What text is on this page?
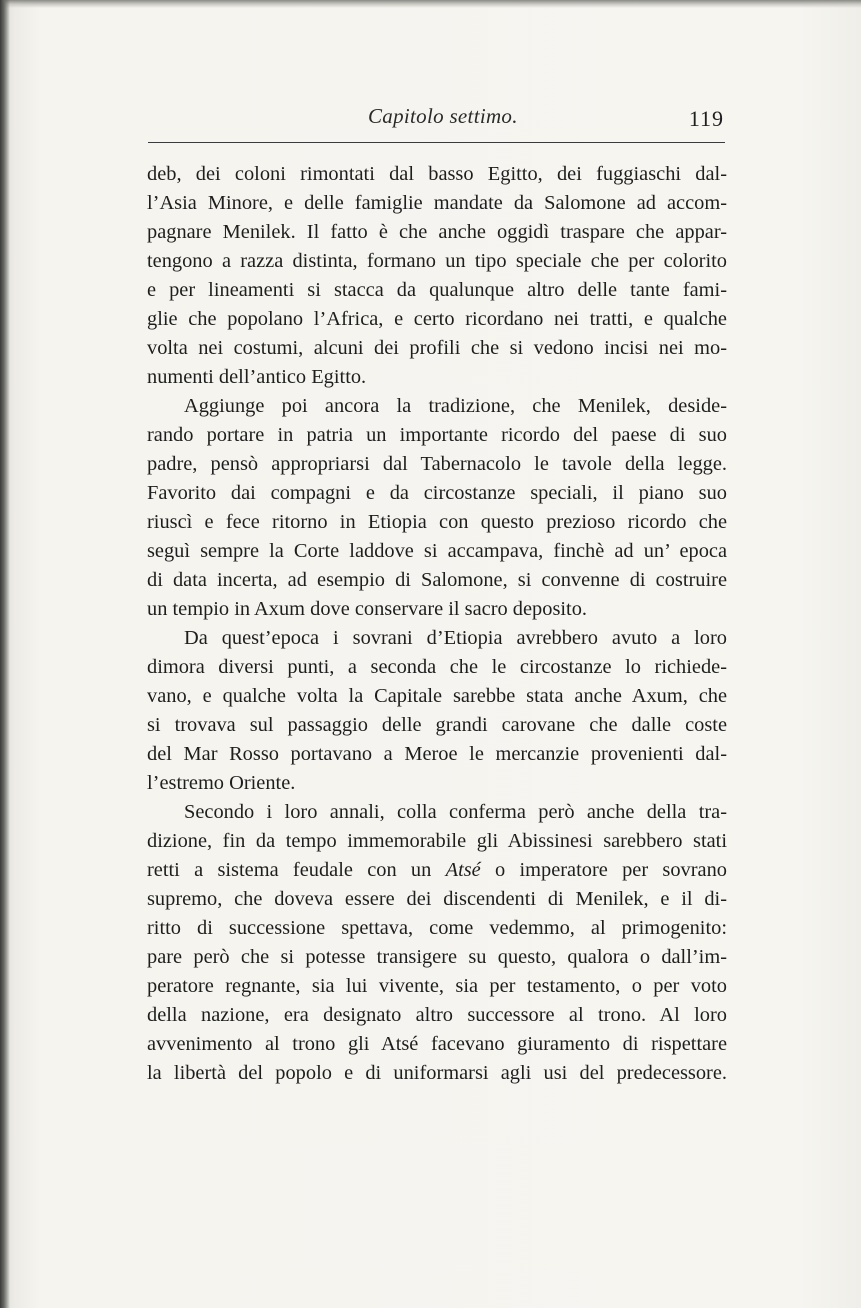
Capitolo settimo.	119
deb, dei coloni rimontati dal basso Egitto, dei fuggiaschi dal-
l’Asia Minore, e delle famiglie mandate da Salomone ad accom-
pagnare Menilek. Il fatto è che anche oggidì traspare che appar-
tengono a razza distinta, formano un tipo speciale che per colorito
e per lineamenti si stacca da qualunque altro delle tante fami-
glie che popolano l’Africa, e certo ricordano nei tratti, e qualche
volta nei costumi, alcuni dei profili che si vedono incisi nei mo-
numenti dell’antico Egitto.
Aggiunge poi ancora la tradizione, che Menilek, deside-
rando portare in patria un importante ricordo del paese di suo
padre, pensò appropriarsi dal Tabernacolo le tavole della legge.
Favorito dai compagni e da circostanze speciali, il piano suo
riuscì e fece ritorno in Etiopia con questo prezioso ricordo che
seguì sempre la Corte laddove si accampava, finchè ad un’ epoca
di data incerta, ad esempio di Salomone, si convenne di costruire
un tempio in Axum dove conservare il sacro deposito.
Da quest’epoca i sovrani d’Etiopia avrebbero avuto a loro
dimora diversi punti, a seconda che le circostanze lo richiede-
vano, e qualche volta la Capitale sarebbe stata anche Axum, che
si trovava sul passaggio delle grandi carovane che dalle coste
del Mar Rosso portavano a Meroe le mercanzie provenienti dal-
l’estremo Oriente.
Secondo i loro annali, colla conferma però anche della tra-
dizione, fin da tempo immemorabile gli Abissinesi sarebbero stati
retti a sistema feudale con un Atsé o imperatore per sovrano
supremo, che doveva essere dei discendenti di Menilek, e il di-
ritto di successione spettava, come vedemmo, al primogenito:
pare però che si potesse transigere su questo, qualora o dall’im-
peratore regnante, sia lui vivente, sia per testamento, o per voto
della nazione, era designato altro successore al trono. Al loro
avvenimento al trono gli Atsé facevano giuramento di rispettare
la libertà del popolo e di uniformarsi agli usi del predecessore.
